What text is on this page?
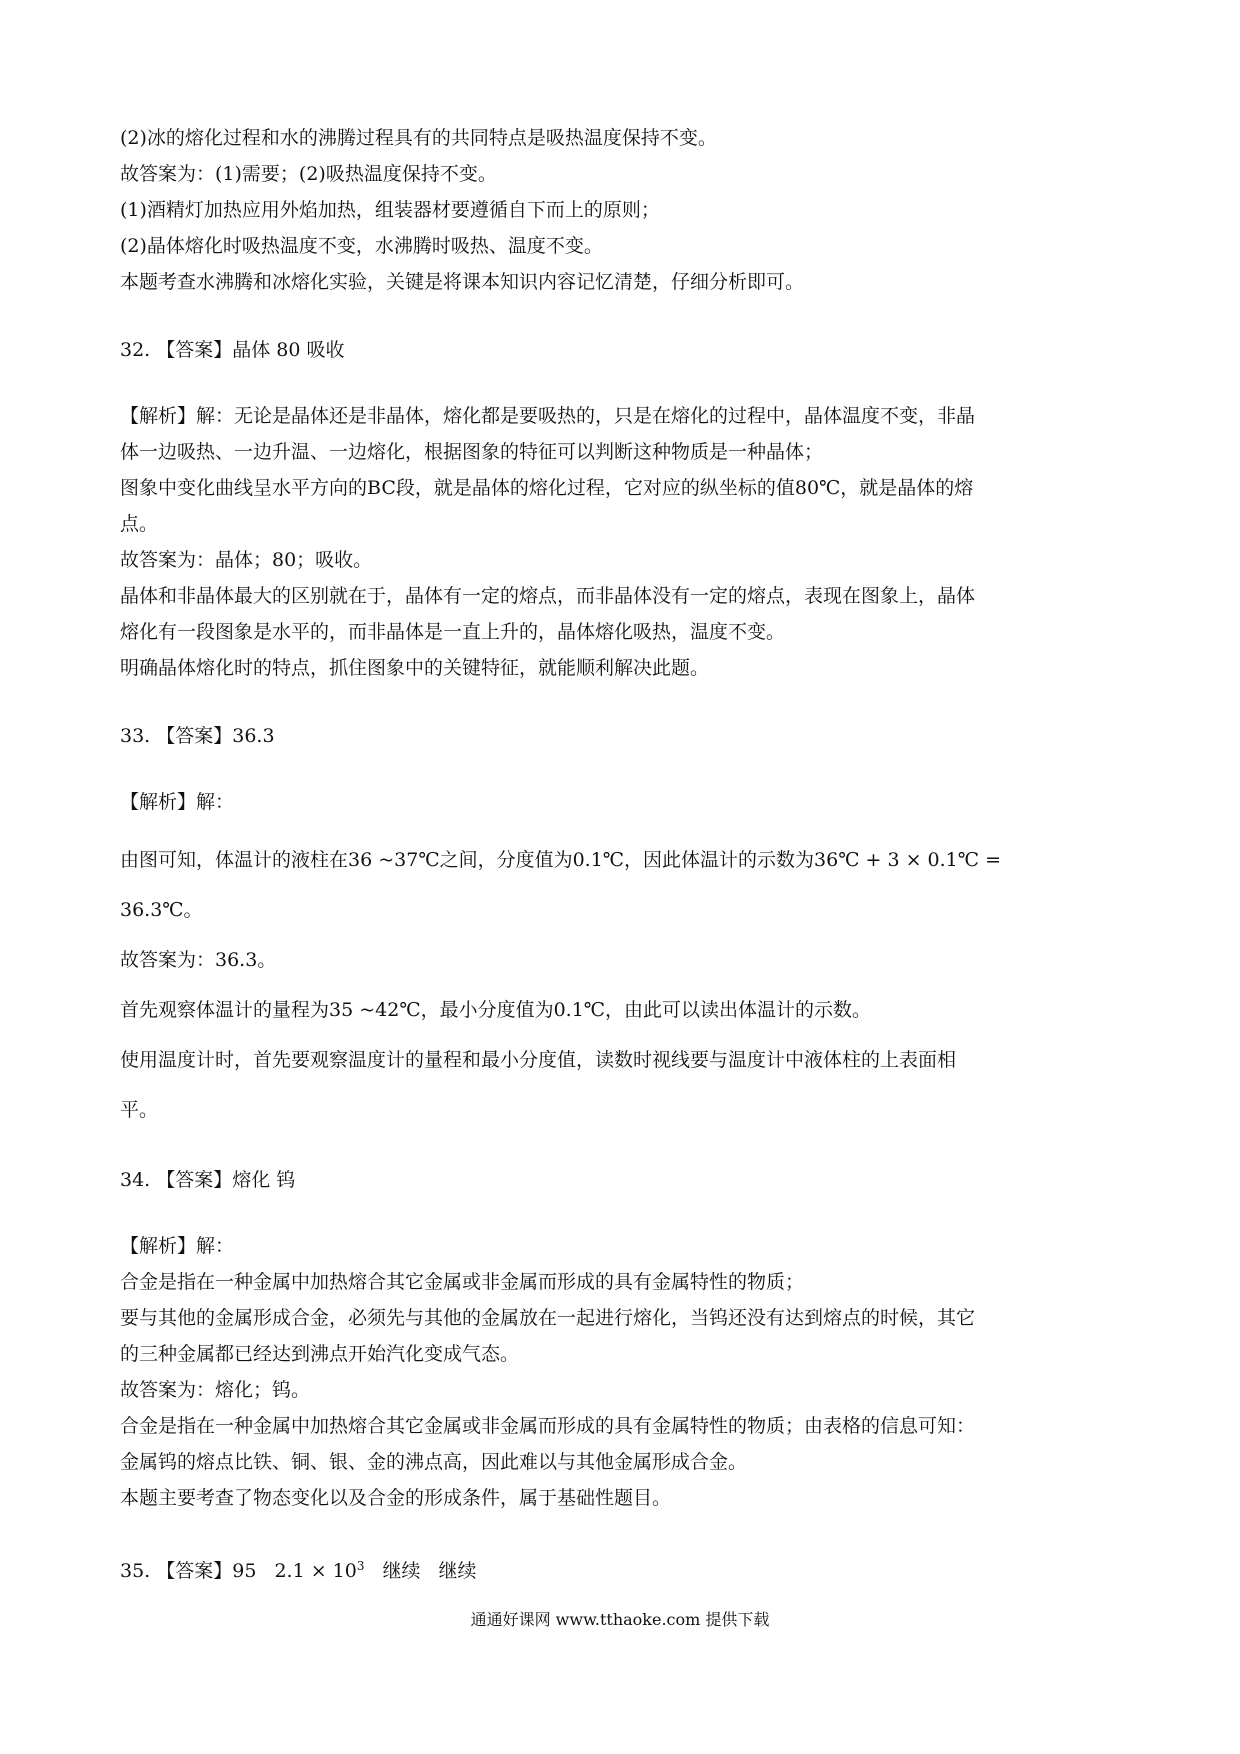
(2)冰的熔化过程和水的沸腾过程具有的共同特点是吸热温度保持不变。
故答案为：(1)需要；(2)吸热温度保持不变。
(1)酒精灯加热应用外焰加热，组装器材要遵循自下而上的原则；
(2)晶体熔化时吸热温度不变，水沸腾时吸热、温度不变。
本题考查水沸腾和冰熔化实验，关键是将课本知识内容记忆清楚，仔细分析即可。
32. 【答案】晶体 80 吸收
【解析】解：无论是晶体还是非晶体，熔化都是要吸热的，只是在熔化的过程中，晶体温度不变，非晶
体一边吸热、一边升温、一边熔化，根据图象的特征可以判断这种物质是一种晶体；
图象中变化曲线呈水平方向的BC段，就是晶体的熔化过程，它对应的纵坐标的值80℃，就是晶体的熔
点。
故答案为：晶体；80；吸收。
晶体和非晶体最大的区别就在于，晶体有一定的熔点，而非晶体没有一定的熔点，表现在图象上，晶体
熔化有一段图象是水平的，而非晶体是一直上升的，晶体熔化吸热，温度不变。
明确晶体熔化时的特点，抓住图象中的关键特征，就能顺利解决此题。
33. 【答案】36.3
【解析】解：
由图可知，体温计的液柱在36 ~37℃之间，分度值为0.1℃，因此体温计的示数为36℃ + 3 × 0.1℃ =
36.3℃。
故答案为：36.3。
首先观察体温计的量程为35 ~42℃，最小分度值为0.1℃，由此可以读出体温计的示数。
使用温度计时，首先要观察温度计的量程和最小分度值，读数时视线要与温度计中液体柱的上表面相
平。
34. 【答案】熔化 钨
【解析】解：
合金是指在一种金属中加热熔合其它金属或非金属而形成的具有金属特性的物质；
要与其他的金属形成合金，必须先与其他的金属放在一起进行熔化，当钨还没有达到熔点的时候，其它
的三种金属都已经达到沸点开始汽化变成气态。
故答案为：熔化；钨。
合金是指在一种金属中加热熔合其它金属或非金属而形成的具有金属特性的物质；由表格的信息可知：
金属钨的熔点比铁、铜、银、金的沸点高，因此难以与其他金属形成合金。
本题主要考查了物态变化以及合金的形成条件，属于基础性题目。
35. 【答案】95 $2.1 \times 10^3$ 继续 继续
通通好课网 www.tthaoke.com 提供下载
